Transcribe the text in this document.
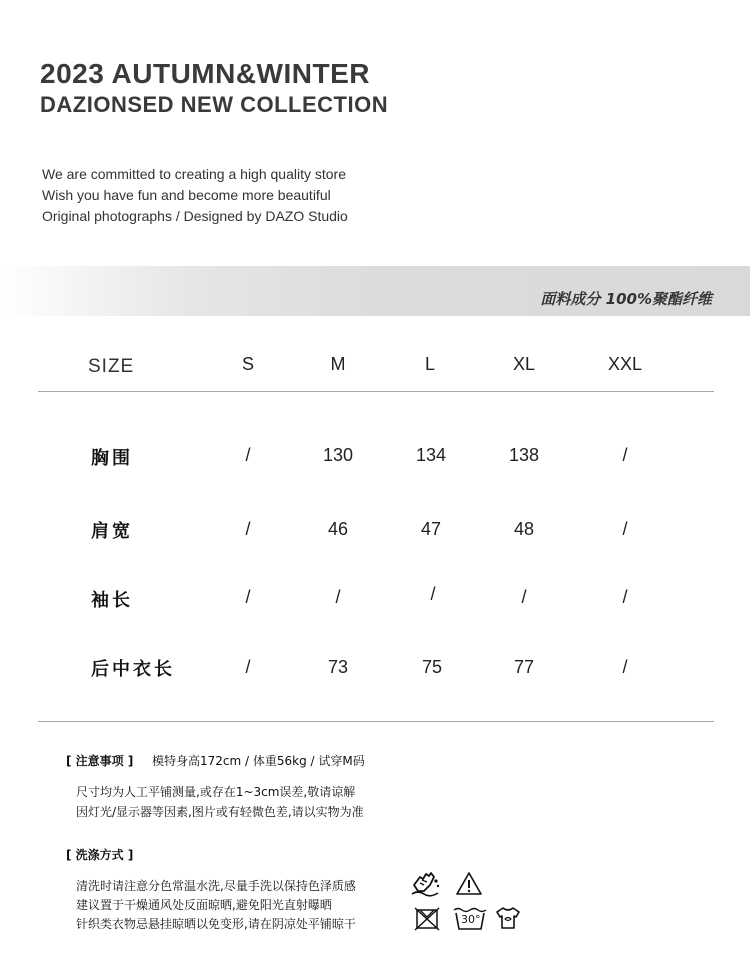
2023 AUTUMN&WINTER
DAZIONSED NEW COLLECTION
We are committed to creating a high quality store
Wish you have fun and become more beautiful
Original photographs / Designed by DAZO Studio
面料成分 100%聚酯纤维
SIZE	S	M	L	XL	XXL
胸围	/	130	134	138	/
肩宽	/	46	47	48	/
袖长	/	/	/	/	/
后中衣长	/	73	75	77	/
[ 注意事项 ] 模特身高172cm / 体重56kg / 试穿M码
尺寸均为人工平铺测量,或存在1~3cm误差,敬请谅解
因灯光/显示器等因素,图片或有轻微色差,请以实物为准
[ 洗涤方式 ]
清洗时请注意分色常温水洗,尽量手洗以保持色泽质感
建议置于干燥通风处反面晾晒,避免阳光直射曝晒
针织类衣物忌悬挂晾晒以免变形,请在阴凉处平铺晾干	30°
